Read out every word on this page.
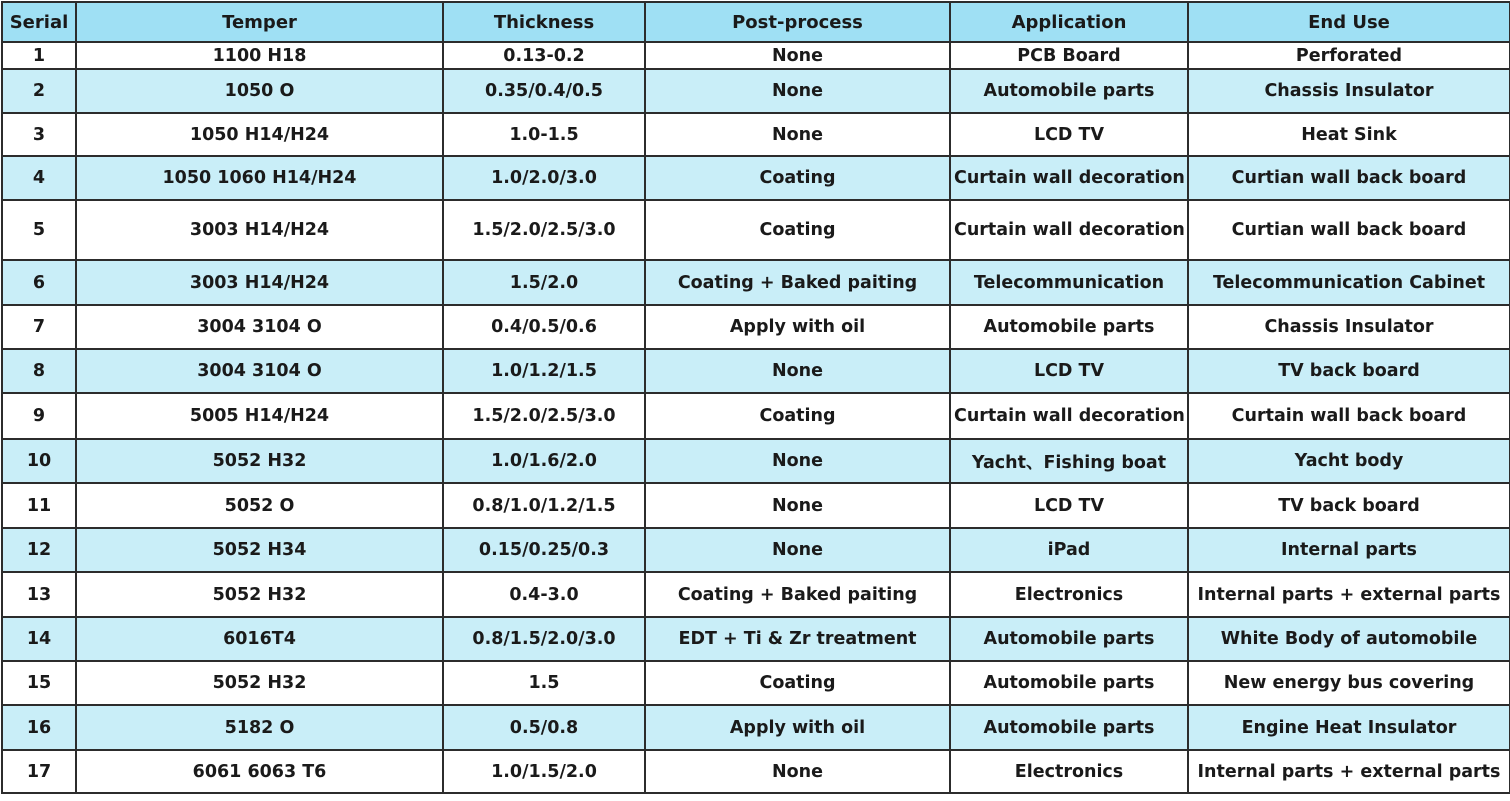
Serial	Temper	Thickness	Post-process	Application	End Use
1	1100 H18	0.13-0.2	None	PCB Board	Perforated
2	1050 O	0.35/0.4/0.5	None	Automobile parts	Chassis Insulator
3	1050 H14/H24	1.0-1.5	None	LCD TV	Heat Sink
4	1050 1060 H14/H24	1.0/2.0/3.0	Coating	Curtain wall decoration	Curtian wall back board
5	3003 H14/H24	1.5/2.0/2.5/3.0	Coating	Curtain wall decoration	Curtian wall back board
6	3003 H14/H24	1.5/2.0	Coating + Baked paiting	Telecommunication	Telecommunication Cabinet
7	3004 3104 O	0.4/0.5/0.6	Apply with oil	Automobile parts	Chassis Insulator
8	3004 3104 O	1.0/1.2/1.5	None	LCD TV	TV back board
9	5005 H14/H24	1.5/2.0/2.5/3.0	Coating	Curtain wall decoration	Curtain wall back board
10	5052 H32	1.0/1.6/2.0	None	Yacht、Fishing boat	Yacht body
11	5052 O	0.8/1.0/1.2/1.5	None	LCD TV	TV back board
12	5052 H34	0.15/0.25/0.3	None	iPad	Internal parts
13	5052 H32	0.4-3.0	Coating + Baked paiting	Electronics	Internal parts + external parts
14	6016T4	0.8/1.5/2.0/3.0	EDT + Ti & Zr treatment	Automobile parts	White Body of automobile
15	5052 H32	1.5	Coating	Automobile parts	New energy bus covering
16	5182 O	0.5/0.8	Apply with oil	Automobile parts	Engine Heat Insulator
17	6061 6063 T6	1.0/1.5/2.0	None	Electronics	Internal parts + external parts
